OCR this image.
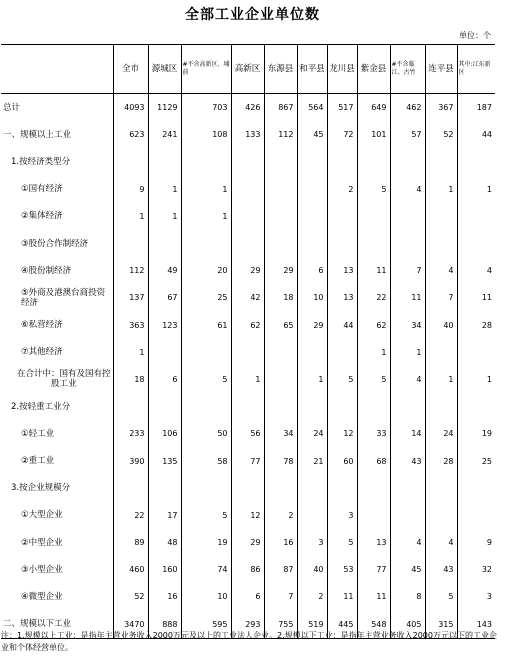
全部工业企业单位数
单位：个
	全市	源城区	#不含高新区、埔前	高新区	东源县	和平县	龙川县	紫金县	#不含临江、古竹	连平县	其中:江东新区
总计	4093	1129	703	426	867	564	517	649	462	367	187
一、规模以上工业	623	241	108	133	112	45	72	101	57	52	44
1.按经济类型分											
①国有经济	9	1	1				2	5	4	1	1
②集体经济	1	1	1								
③股份合作制经济											
④股份制经济	112	49	20	29	29	6	13	11	7	4	4
⑤外商及港澳台商投资经济	137	67	25	42	18	10	13	22	11	7	11
⑥私营经济	363	123	61	62	65	29	44	62	34	40	28
⑦其他经济	1							1	1		
在合计中：国有及国有控股工业	18	6	5	1		1	5	5	4	1	1
2.按轻重工业分											
①轻工业	233	106	50	56	34	24	12	33	14	24	19
②重工业	390	135	58	77	78	21	60	68	43	28	25
3.按企业规模分											
①大型企业	22	17	5	12	2		3				
②中型企业	89	48	19	29	16	3	5	13	4	4	9
③小型企业	460	160	74	86	87	40	53	77	45	43	32
④微型企业	52	16	10	6	7	2	11	11	8	5	3
二、规模以下工业	3470	888	595	293	755	519	445	548	405	315	143
注：1.规模以上工业：是指年主营业务收入2000万元及以上的工业法人企业。2.规模以下工业：是指年主营业务收入2000万元以下的工业企业和个体经营单位。
